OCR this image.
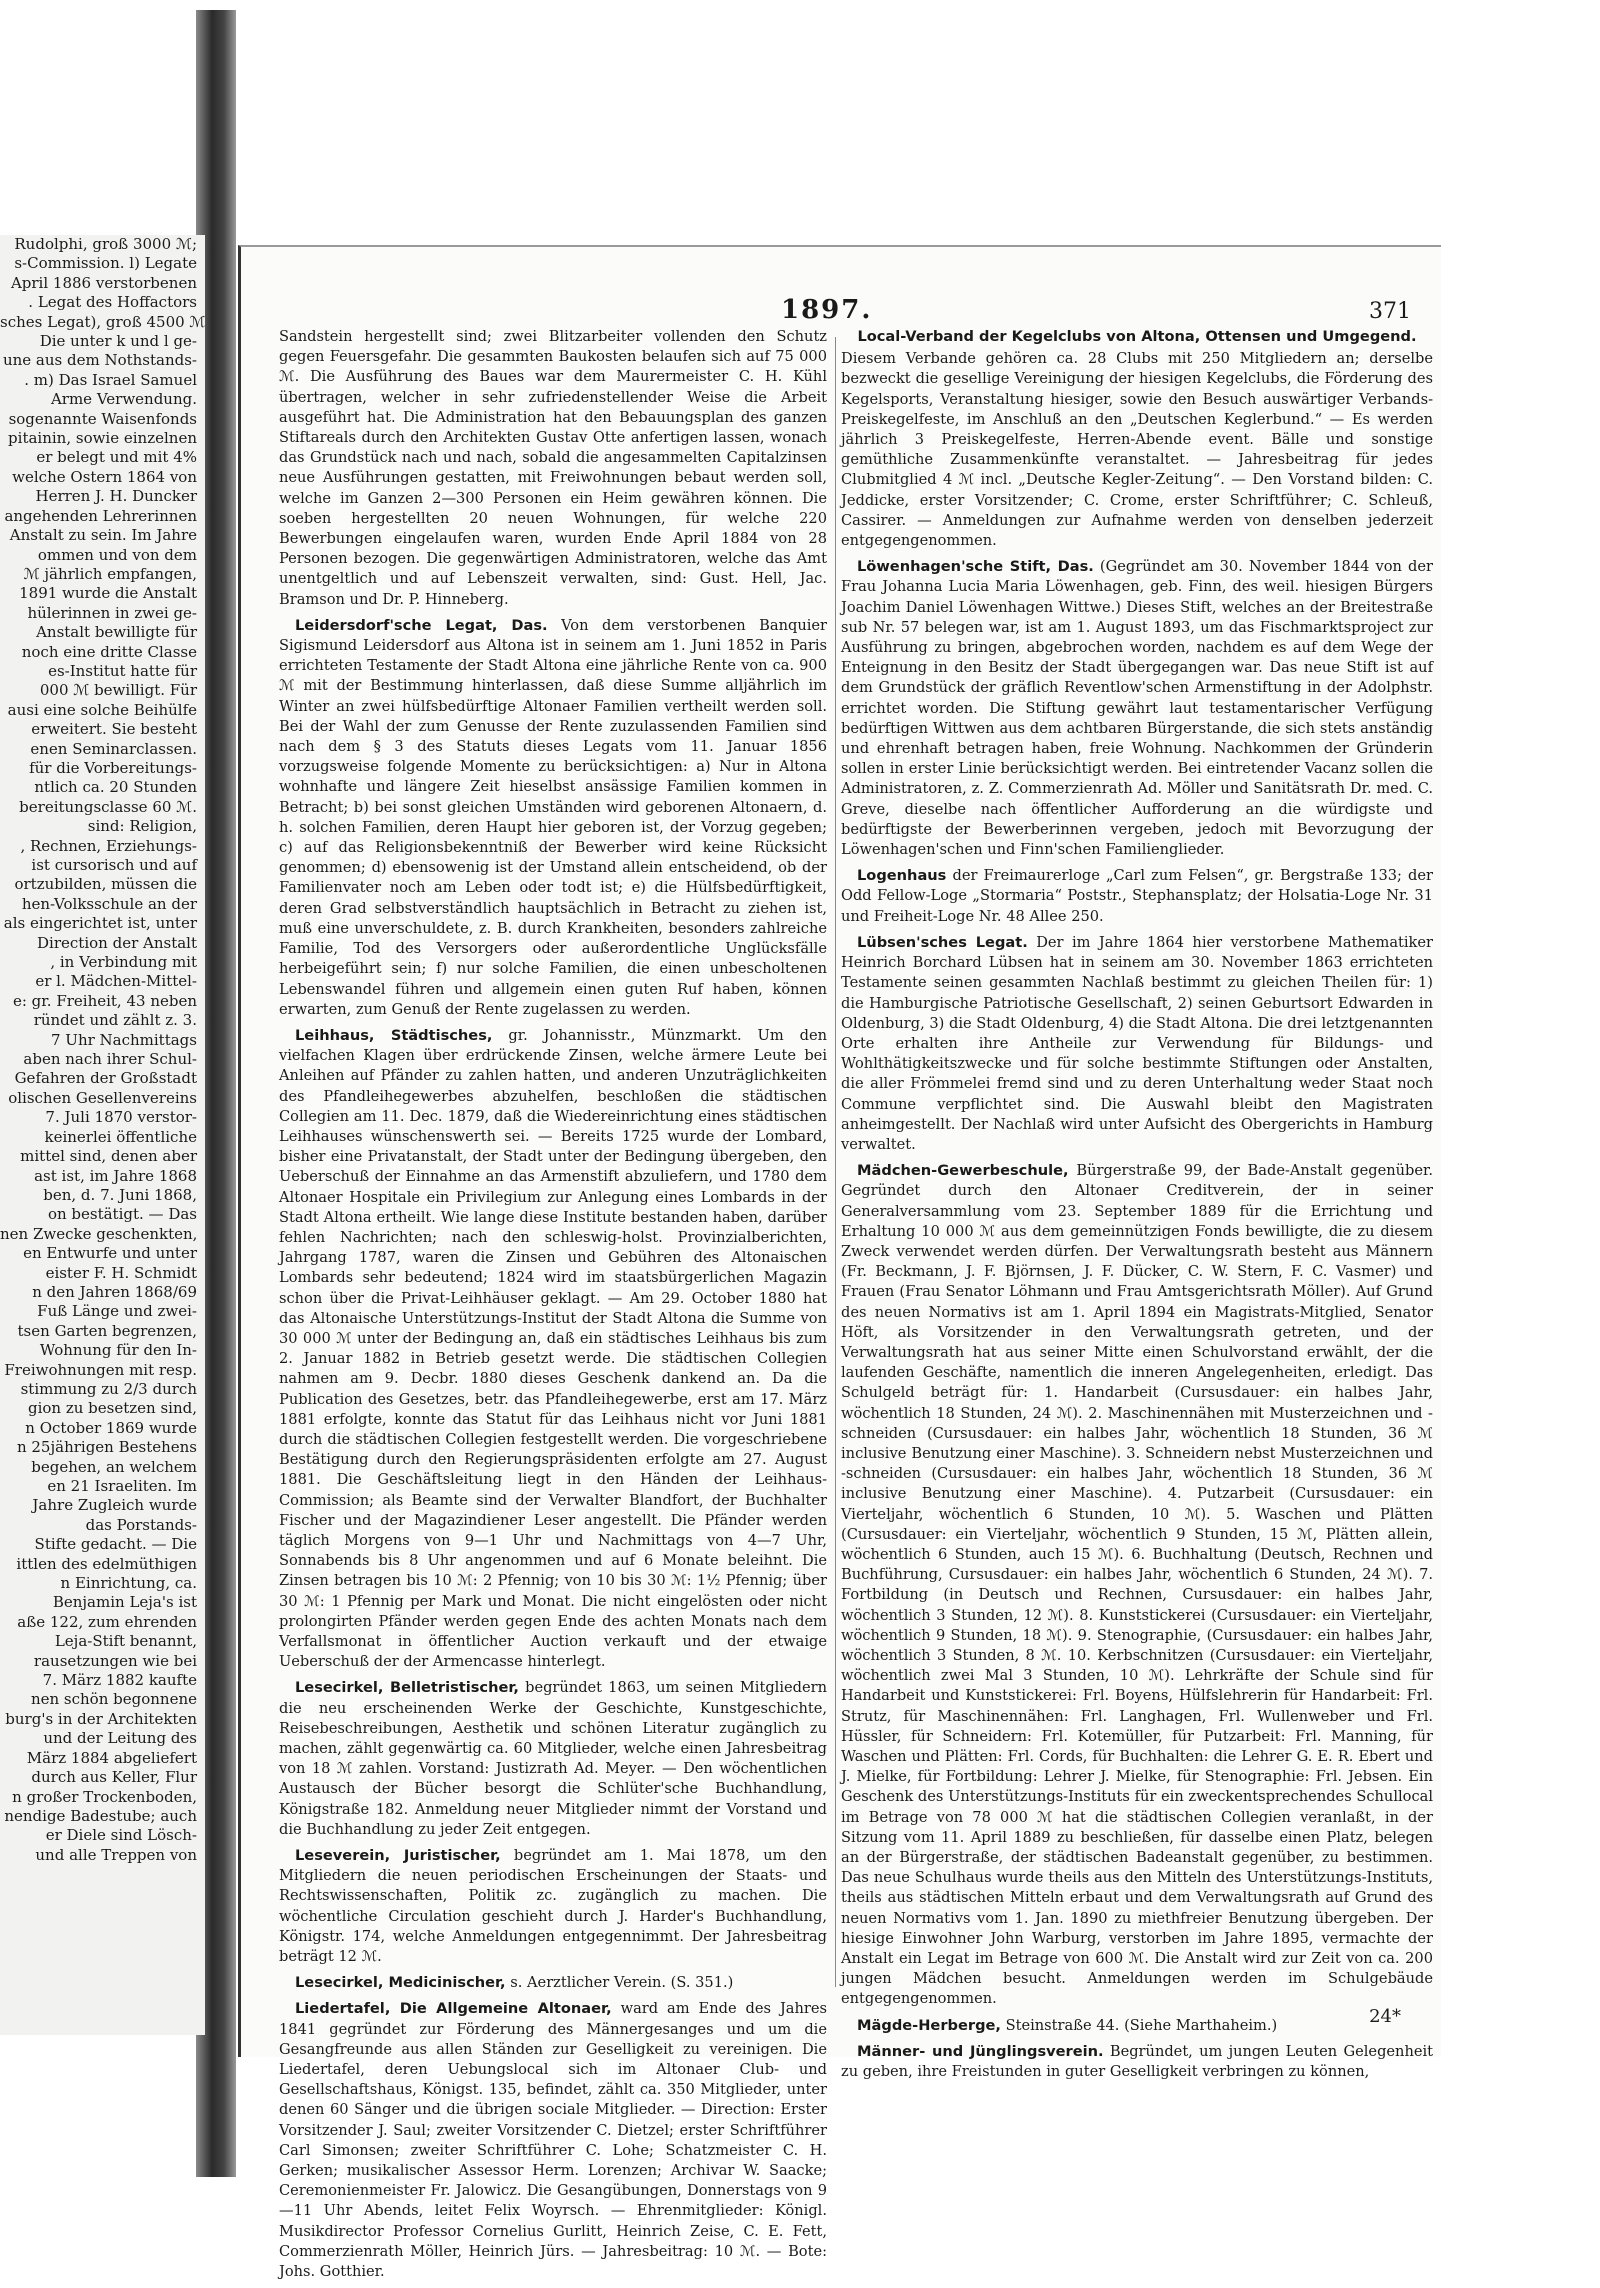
Rudolphi, groß 3000 ℳ;
s-Commission. l) Legate
April 1886 verstorbenen
. Legat des Hoffactors
sches Legat), groß 4500 ℳ
Die unter k und l ge-
une aus dem Nothstands-
. m) Das Israel Samuel
Arme Verwendung.
sogenannte Waisenfonds
pitainin, sowie einzelnen
er belegt und mit 4%
welche Ostern 1864 von
Herren J. H. Duncker
angehenden Lehrerinnen
Anstalt zu sein. Im Jahre
ommen und von dem
ℳ jährlich empfangen,
1891 wurde die Anstalt
hülerinnen in zwei ge-
Anstalt bewilligte für
noch eine dritte Classe
es-Institut hatte für
000 ℳ bewilligt. Für
ausi eine solche Beihülfe
erweitert. Sie besteht
enen Seminarclassen.
für die Vorbereitungs-
ntlich ca. 20 Stunden
bereitungsclasse 60 ℳ.
sind: Religion,
, Rechnen, Erziehungs-
ist cursorisch und auf
ortzubilden, müssen die
hen-Volksschule an der
als eingerichtet ist, unter
Direction der Anstalt
, in Verbindung mit
er l. Mädchen-Mittel-
e: gr. Freiheit, 43 neben
ründet und zählt z. 3.
7 Uhr Nachmittags
aben nach ihrer Schul-
Gefahren der Großstadt
olischen Gesellenvereins
7. Juli 1870 verstor-
keinerlei öffentliche
mittel sind, denen aber
ast ist, im Jahre 1868
ben, d. 7. Juni 1868,
on bestätigt. — Das
nen Zwecke geschenkten,
en Entwurfe und unter
eister F. H. Schmidt
n den Jahren 1868/69
Fuß Länge und zwei-
tsen Garten begrenzen,
Wohnung für den In-
Freiwohnungen mit resp.
stimmung zu 2/3 durch
gion zu besetzen sind,
n October 1869 wurde
n 25jährigen Bestehens
begehen, an welchem
en 21 Israeliten. Im
Jahre Zugleich wurde
das Porstands-
Stifte gedacht. — Die
ittlen des edelmüthigen
n Einrichtung, ca.
Benjamin Leja's ist
aße 122, zum ehrenden
Leja-Stift benannt,
rausetzungen wie bei
7. März 1882 kaufte
nen schön begonnene
burg's in der Architekten
und der Leitung des
März 1884 abgeliefert
durch aus Keller, Flur
n großer Trockenboden,
nendige Badestube; auch
er Diele sind Lösch-
und alle Treppen von
1897.	371

Sandstein hergestellt sind; zwei Blitzarbeiter vollenden den Schutz gegen Feuersgefahr. Die gesammten Baukosten belaufen sich auf 75 000 ℳ. Die Ausführung des Baues war dem Maurermeister C. H. Kühl übertragen, welcher in sehr zufriedenstellender Weise die Arbeit ausgeführt hat. Die Administration hat den Bebauungsplan des ganzen Stiftareals durch den Architekten Gustav Otte anfertigen lassen, wonach das Grundstück nach und nach, sobald die angesammelten Capitalzinsen neue Ausführungen gestatten, mit Freiwohnungen bebaut werden soll, welche im Ganzen 2—300 Personen ein Heim gewähren können. Die soeben hergestellten 20 neuen Wohnungen, für welche 220 Bewerbungen eingelaufen waren, wurden Ende April 1884 von 28 Personen bezogen. Die gegenwärtigen Administratoren, welche das Amt unentgeltlich und auf Lebenszeit verwalten, sind: Gust. Hell, Jac. Bramson und Dr. P. Hinneberg.

Leidersdorf'sche Legat, Das. Von dem verstorbenen Banquier Sigismund Leidersdorf aus Altona ist in seinem am 1. Juni 1852 in Paris errichteten Testamente der Stadt Altona eine jährliche Rente von ca. 900 ℳ mit der Bestimmung hinterlassen, daß diese Summe alljährlich im Winter an zwei hülfsbedürftige Altonaer Familien vertheilt werden soll. Bei der Wahl der zum Genusse der Rente zuzulassenden Familien sind nach dem § 3 des Statuts dieses Legats vom 11. Januar 1856 vorzugsweise folgende Momente zu berücksichtigen: a) Nur in Altona wohnhafte und längere Zeit hieselbst ansässige Familien kommen in Betracht; b) bei sonst gleichen Umständen wird geborenen Altonaern, d. h. solchen Familien, deren Haupt hier geboren ist, der Vorzug gegeben; c) auf das Religionsbekenntniß der Bewerber wird keine Rücksicht genommen; d) ebensowenig ist der Umstand allein entscheidend, ob der Familienvater noch am Leben oder todt ist; e) die Hülfsbedürftigkeit, deren Grad selbstverständlich hauptsächlich in Betracht zu ziehen ist, muß eine unverschuldete, z. B. durch Krankheiten, besonders zahlreiche Familie, Tod des Versorgers oder außerordentliche Unglücksfälle herbeigeführt sein; f) nur solche Familien, die einen unbescholtenen Lebenswandel führen und allgemein einen guten Ruf haben, können erwarten, zum Genuß der Rente zugelassen zu werden.

Leihhaus, Städtisches, gr. Johannisstr., Münzmarkt. Um den vielfachen Klagen über erdrückende Zinsen, welche ärmere Leute bei Anleihen auf Pfänder zu zahlen hatten, und anderen Unzuträglichkeiten des Pfandleihegewerbes abzuhelfen, beschloßen die städtischen Collegien am 11. Dec. 1879, daß die Wiedereinrichtung eines städtischen Leihhauses wünschenswerth sei. — Bereits 1725 wurde der Lombard, bisher eine Privatanstalt, der Stadt unter der Bedingung übergeben, den Ueberschuß der Einnahme an das Armenstift abzuliefern, und 1780 dem Altonaer Hospitale ein Privilegium zur Anlegung eines Lombards in der Stadt Altona ertheilt. Wie lange diese Institute bestanden haben, darüber fehlen Nachrichten; nach den schleswig-holst. Provinzialberichten, Jahrgang 1787, waren die Zinsen und Gebühren des Altonaischen Lombards sehr bedeutend; 1824 wird im staatsbürgerlichen Magazin schon über die Privat-Leihhäuser geklagt. — Am 29. October 1880 hat das Altonaische Unterstützungs-Institut der Stadt Altona die Summe von 30 000 ℳ unter der Bedingung an, daß ein städtisches Leihhaus bis zum 2. Januar 1882 in Betrieb gesetzt werde. Die städtischen Collegien nahmen am 9. Decbr. 1880 dieses Geschenk dankend an. Da die Publication des Gesetzes, betr. das Pfandleihegewerbe, erst am 17. März 1881 erfolgte, konnte das Statut für das Leihhaus nicht vor Juni 1881 durch die städtischen Collegien festgestellt werden. Die vorgeschriebene Bestätigung durch den Regierungspräsidenten erfolgte am 27. August 1881. Die Geschäftsleitung liegt in den Händen der Leihhaus-Commission; als Beamte sind der Verwalter Blandfort, der Buchhalter Fischer und der Magazindiener Leser angestellt. Die Pfänder werden täglich Morgens von 9—1 Uhr und Nachmittags von 4—7 Uhr, Sonnabends bis 8 Uhr angenommen und auf 6 Monate beleihnt. Die Zinsen betragen bis 10 ℳ: 2 Pfennig; von 10 bis 30 ℳ: 1½ Pfennig; über 30 ℳ: 1 Pfennig per Mark und Monat. Die nicht eingelösten oder nicht prolongirten Pfänder werden gegen Ende des achten Monats nach dem Verfallsmonat in öffentlicher Auction verkauft und der etwaige Ueberschuß der der Armencasse hinterlegt.

Lesecirkel, Belletristischer, begründet 1863, um seinen Mitgliedern die neu erscheinenden Werke der Geschichte, Kunstgeschichte, Reisebeschreibungen, Aesthetik und schönen Literatur zugänglich zu machen, zählt gegenwärtig ca. 60 Mitglieder, welche einen Jahresbeitrag von 18 ℳ zahlen. Vorstand: Justizrath Ad. Meyer. — Den wöchentlichen Austausch der Bücher besorgt die Schlüter'sche Buchhandlung, Königstraße 182. Anmeldung neuer Mitglieder nimmt der Vorstand und die Buchhandlung zu jeder Zeit entgegen.

Leseverein, Juristischer, begründet am 1. Mai 1878, um den Mitgliedern die neuen periodischen Erscheinungen der Staats- und Rechtswissenschaften, Politik zc. zugänglich zu machen. Die wöchentliche Circulation geschieht durch J. Harder's Buchhandlung, Königstr. 174, welche Anmeldungen entgegennimmt. Der Jahresbeitrag beträgt 12 ℳ.

Lesecirkel, Medicinischer, s. Aerztlicher Verein. (S. 351.)

Liedertafel, Die Allgemeine Altonaer, ward am Ende des Jahres 1841 gegründet zur Förderung des Männergesanges und um die Gesangfreunde aus allen Ständen zur Geselligkeit zu vereinigen. Die Liedertafel, deren Uebungslocal sich im Altonaer Club- und Gesellschaftshaus, Königst. 135, befindet, zählt ca. 350 Mitglieder, unter denen 60 Sänger und die übrigen sociale Mitglieder. — Direction: Erster Vorsitzender J. Saul; zweiter Vorsitzender C. Dietzel; erster Schriftführer Carl Simonsen; zweiter Schriftführer C. Lohe; Schatzmeister C. H. Gerken; musikalischer Assessor Herm. Lorenzen; Archivar W. Saacke; Ceremonienmeister Fr. Jalowicz. Die Gesangübungen, Donnerstags von 9—11 Uhr Abends, leitet Felix Woyrsch. — Ehrenmitglieder: Königl. Musikdirector Professor Cornelius Gurlitt, Heinrich Zeise, C. E. Fett, Commerzienrath Möller, Heinrich Jürs. — Jahresbeitrag: 10 ℳ. — Bote: Johs. Gotthier.

Local-Verband der Kegelclubs von Altona, Ottensen und Umgegend.

Diesem Verbande gehören ca. 28 Clubs mit 250 Mitgliedern an; derselbe bezweckt die gesellige Vereinigung der hiesigen Kegelclubs, die Förderung des Kegelsports, Veranstaltung hiesiger, sowie den Besuch auswärtiger Verbands-Preiskegelfeste, im Anschluß an den „Deutschen Keglerbund.“ — Es werden jährlich 3 Preiskegelfeste, Herren-Abende event. Bälle und sonstige gemüthliche Zusammenkünfte veranstaltet. — Jahresbeitrag für jedes Clubmitglied 4 ℳ incl. „Deutsche Kegler-Zeitung“. — Den Vorstand bilden: C. Jeddicke, erster Vorsitzender; C. Crome, erster Schriftführer; C. Schleuß, Cassirer. — Anmeldungen zur Aufnahme werden von denselben jederzeit entgegengenommen.

Löwenhagen'sche Stift, Das. (Gegründet am 30. November 1844 von der Frau Johanna Lucia Maria Löwenhagen, geb. Finn, des weil. hiesigen Bürgers Joachim Daniel Löwenhagen Wittwe.) Dieses Stift, welches an der Breitestraße sub Nr. 57 belegen war, ist am 1. August 1893, um das Fischmarktsproject zur Ausführung zu bringen, abgebrochen worden, nachdem es auf dem Wege der Enteignung in den Besitz der Stadt übergegangen war. Das neue Stift ist auf dem Grundstück der gräflich Reventlow'schen Armenstiftung in der Adolphstr. errichtet worden. Die Stiftung gewährt laut testamentarischer Verfügung bedürftigen Wittwen aus dem achtbaren Bürgerstande, die sich stets anständig und ehrenhaft betragen haben, freie Wohnung. Nachkommen der Gründerin sollen in erster Linie berücksichtigt werden. Bei eintretender Vacanz sollen die Administratoren, z. Z. Commerzienrath Ad. Möller und Sanitätsrath Dr. med. C. Greve, dieselbe nach öffentlicher Aufforderung an die würdigste und bedürftigste der Bewerberinnen vergeben, jedoch mit Bevorzugung der Löwenhagen'schen und Finn'schen Familienglieder.

Logenhaus der Freimaurerloge „Carl zum Felsen“, gr. Bergstraße 133; der Odd Fellow-Loge „Stormaria“ Poststr., Stephansplatz; der Holsatia-Loge Nr. 31 und Freiheit-Loge Nr. 48 Allee 250.

Lübsen'sches Legat. Der im Jahre 1864 hier verstorbene Mathematiker Heinrich Borchard Lübsen hat in seinem am 30. November 1863 errichteten Testamente seinen gesammten Nachlaß bestimmt zu gleichen Theilen für: 1) die Hamburgische Patriotische Gesellschaft, 2) seinen Geburtsort Edwarden in Oldenburg, 3) die Stadt Oldenburg, 4) die Stadt Altona. Die drei letztgenannten Orte erhalten ihre Antheile zur Verwendung für Bildungs- und Wohlthätigkeitszwecke und für solche bestimmte Stiftungen oder Anstalten, die aller Frömmelei fremd sind und zu deren Unterhaltung weder Staat noch Commune verpflichtet sind. Die Auswahl bleibt den Magistraten anheimgestellt. Der Nachlaß wird unter Aufsicht des Obergerichts in Hamburg verwaltet.

Mädchen-Gewerbeschule, Bürgerstraße 99, der Bade-Anstalt gegenüber. Gegründet durch den Altonaer Creditverein, der in seiner Generalversammlung vom 23. September 1889 für die Errichtung und Erhaltung 10 000 ℳ aus dem gemeinnützigen Fonds bewilligte, die zu diesem Zweck verwendet werden dürfen. Der Verwaltungsrath besteht aus Männern (Fr. Beckmann, J. F. Björnsen, J. F. Dücker, C. W. Stern, F. C. Vasmer) und Frauen (Frau Senator Löhmann und Frau Amtsgerichtsrath Möller). Auf Grund des neuen Normativs ist am 1. April 1894 ein Magistrats-Mitglied, Senator Höft, als Vorsitzender in den Verwaltungsrath getreten, und der Verwaltungsrath hat aus seiner Mitte einen Schulvorstand erwählt, der die laufenden Geschäfte, namentlich die inneren Angelegenheiten, erledigt. Das Schulgeld beträgt für: 1. Handarbeit (Cursusdauer: ein halbes Jahr, wöchentlich 18 Stunden, 24 ℳ). 2. Maschinennähen mit Musterzeichnen und -schneiden (Cursusdauer: ein halbes Jahr, wöchentlich 18 Stunden, 36 ℳ inclusive Benutzung einer Maschine). 3. Schneidern nebst Musterzeichnen und -schneiden (Cursusdauer: ein halbes Jahr, wöchentlich 18 Stunden, 36 ℳ inclusive Benutzung einer Maschine). 4. Putzarbeit (Cursusdauer: ein Vierteljahr, wöchentlich 6 Stunden, 10 ℳ). 5. Waschen und Plätten (Cursusdauer: ein Vierteljahr, wöchentlich 9 Stunden, 15 ℳ, Plätten allein, wöchentlich 6 Stunden, auch 15 ℳ). 6. Buchhaltung (Deutsch, Rechnen und Buchführung, Cursusdauer: ein halbes Jahr, wöchentlich 6 Stunden, 24 ℳ). 7. Fortbildung (in Deutsch und Rechnen, Cursusdauer: ein halbes Jahr, wöchentlich 3 Stunden, 12 ℳ). 8. Kunststickerei (Cursusdauer: ein Vierteljahr, wöchentlich 9 Stunden, 18 ℳ). 9. Stenographie, (Cursusdauer: ein halbes Jahr, wöchentlich 3 Stunden, 8 ℳ. 10. Kerbschnitzen (Cursusdauer: ein Vierteljahr, wöchentlich zwei Mal 3 Stunden, 10 ℳ). Lehrkräfte der Schule sind für Handarbeit und Kunststickerei: Frl. Boyens, Hülfslehrerin für Handarbeit: Frl. Strutz, für Maschinennähen: Frl. Langhagen, Frl. Wullenweber und Frl. Hüssler, für Schneidern: Frl. Kotemüller, für Putzarbeit: Frl. Manning, für Waschen und Plätten: Frl. Cords, für Buchhalten: die Lehrer G. E. R. Ebert und J. Mielke, für Fortbildung: Lehrer J. Mielke, für Stenographie: Frl. Jebsen. Ein Geschenk des Unterstützungs-Instituts für ein zweckentsprechendes Schullocal im Betrage von 78 000 ℳ hat die städtischen Collegien veranlaßt, in der Sitzung vom 11. April 1889 zu beschließen, für dasselbe einen Platz, belegen an der Bürgerstraße, der städtischen Badeanstalt gegenüber, zu bestimmen. Das neue Schulhaus wurde theils aus den Mitteln des Unterstützungs-Instituts, theils aus städtischen Mitteln erbaut und dem Verwaltungsrath auf Grund des neuen Normativs vom 1. Jan. 1890 zu miethfreier Benutzung übergeben. Der hiesige Einwohner John Warburg, verstorben im Jahre 1895, vermachte der Anstalt ein Legat im Betrage von 600 ℳ. Die Anstalt wird zur Zeit von ca. 200 jungen Mädchen besucht. Anmeldungen werden im Schulgebäude entgegengenommen.

Mägde-Herberge, Steinstraße 44. (Siehe Marthaheim.)

Männer- und Jünglingsverein. Begründet, um jungen Leuten Gelegenheit zu geben, ihre Freistunden in guter Geselligkeit verbringen zu können,

24*
